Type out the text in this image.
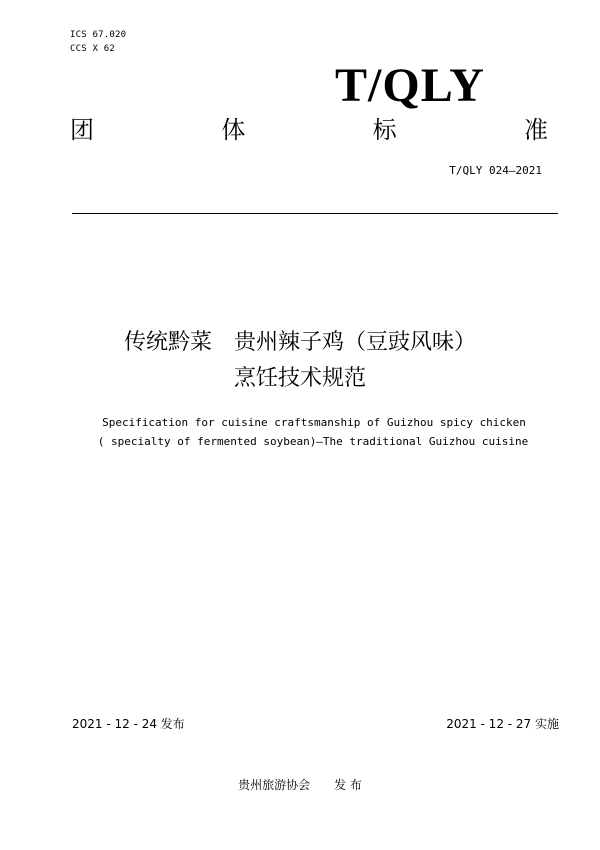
ICS 67.020
CCS X 62
T/QLY
团	体	标	准
T/QLY 024—2021
传统黔菜　贵州辣子鸡（豆豉风味）
烹饪技术规范
Specification for cuisine craftsmanship of Guizhou spicy chicken
( specialty of fermented soybean)—The traditional Guizhou cuisine
2021 - 12 - 24 发布	2021 - 12 - 27 实施
贵州旅游协会　　发 布
